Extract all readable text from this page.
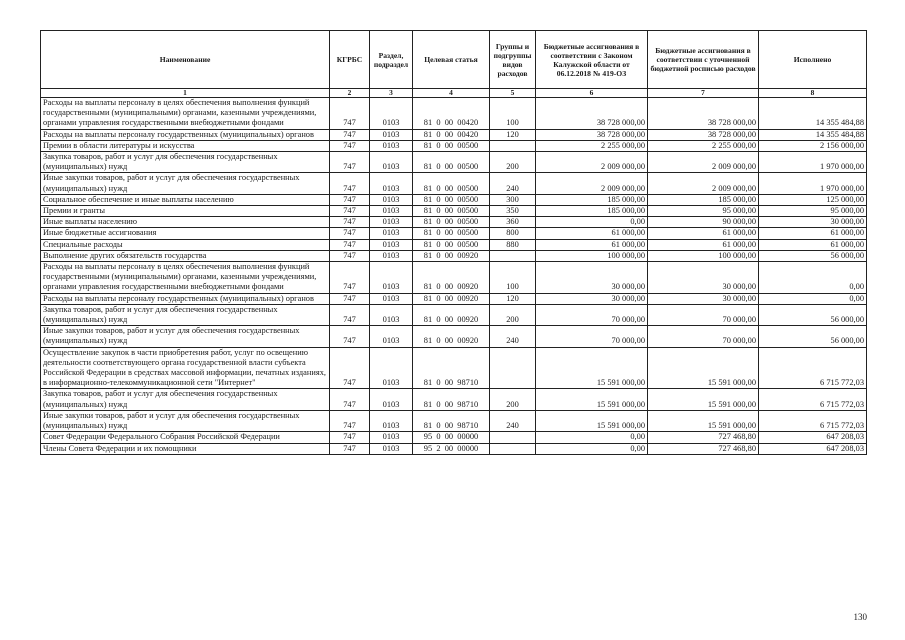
Наименование	КГРБС	Раздел, подраздел	Целевая статья	Группы и подгруппы видов расходов	Бюджетные ассигнования в соответствии с Законом Калужской области от 06.12.2018 № 419-ОЗ	Бюджетные ассигнования в соответствии с уточненной бюджетной росписью расходов	Исполнено
1	2	3	4	5	6	7	8
Расходы на выплаты персоналу в целях обеспечения выполнения функций государственными (муниципальными) органами, казенными учреждениями, органами управления государственными внебюджетными фондами	747	0103	81  0  00  00420	100	38 728 000,00	38 728 000,00	14 355 484,88
Расходы на выплаты персоналу государственных (муниципальных) органов	747	0103	81  0  00  00420	120	38 728 000,00	38 728 000,00	14 355 484,88
Премии в области литературы и искусства	747	0103	81  0  00  00500		2 255 000,00	2 255 000,00	2 156 000,00
Закупка товаров, работ и услуг для обеспечения государственных (муниципальных) нужд	747	0103	81  0  00  00500	200	2 009 000,00	2 009 000,00	1 970 000,00
Иные закупки товаров, работ и услуг для обеспечения государственных (муниципальных) нужд	747	0103	81  0  00  00500	240	2 009 000,00	2 009 000,00	1 970 000,00
Социальное обеспечение и иные выплаты населению	747	0103	81  0  00  00500	300	185 000,00	185 000,00	125 000,00
Премии и гранты	747	0103	81  0  00  00500	350	185 000,00	95 000,00	95 000,00
Иные выплаты населению	747	0103	81  0  00  00500	360	0,00	90 000,00	30 000,00
Иные бюджетные ассигнования	747	0103	81  0  00  00500	800	61 000,00	61 000,00	61 000,00
Специальные расходы	747	0103	81  0  00  00500	880	61 000,00	61 000,00	61 000,00
Выполнение других обязательств государства	747	0103	81  0  00  00920		100 000,00	100 000,00	56 000,00
Расходы на выплаты персоналу в целях обеспечения выполнения функций государственными (муниципальными) органами, казенными учреждениями, органами управления государственными внебюджетными фондами	747	0103	81  0  00  00920	100	30 000,00	30 000,00	0,00
Расходы на выплаты персоналу государственных (муниципальных) органов	747	0103	81  0  00  00920	120	30 000,00	30 000,00	0,00
Закупка товаров, работ и услуг для обеспечения государственных (муниципальных) нужд	747	0103	81  0  00  00920	200	70 000,00	70 000,00	56 000,00
Иные закупки товаров, работ и услуг для обеспечения государственных (муниципальных) нужд	747	0103	81  0  00  00920	240	70 000,00	70 000,00	56 000,00
Осуществление закупок в части приобретения работ, услуг по освещению деятельности соответствующего органа государственной власти субъекта Российской Федерации в средствах массовой информации, печатных изданиях, в информационно-телекоммуникационной сети "Интернет"	747	0103	81  0  00  98710		15 591 000,00	15 591 000,00	6 715 772,03
Закупка товаров, работ и услуг для обеспечения государственных (муниципальных) нужд	747	0103	81  0  00  98710	200	15 591 000,00	15 591 000,00	6 715 772,03
Иные закупки товаров, работ и услуг для обеспечения государственных (муниципальных) нужд	747	0103	81  0  00  98710	240	15 591 000,00	15 591 000,00	6 715 772,03
Совет Федерации Федерального Собрания Российской Федерации	747	0103	95  0  00  00000		0,00	727 468,80	647 208,03
Члены Совета Федерации и их помощники	747	0103	95  2  00  00000		0,00	727 468,80	647 208,03
130
